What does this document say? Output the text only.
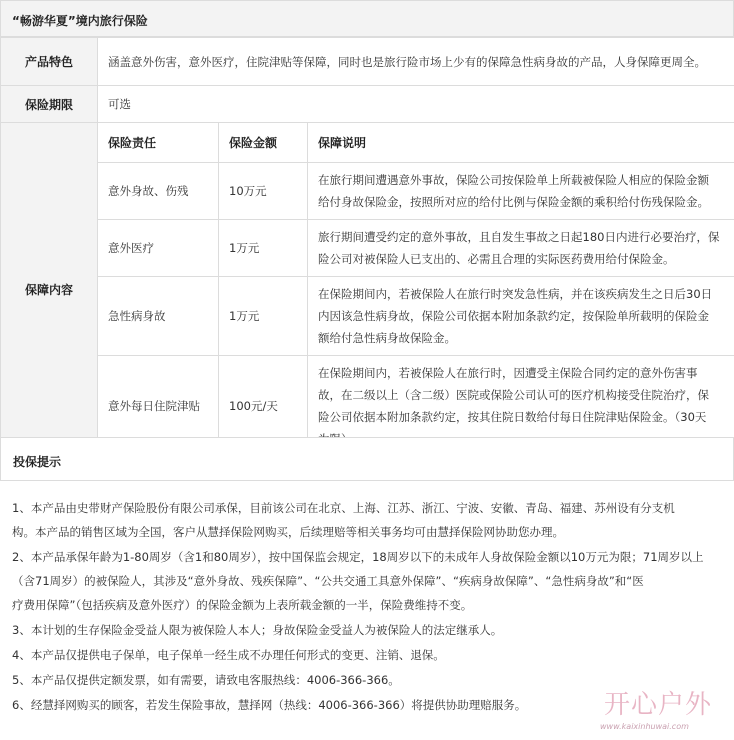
“畅游华夏”境内旅行保险
产品特色	涵盖意外伤害，意外医疗，住院津贴等保障，同时也是旅行险市场上少有的保障急性病身故的产品，人身保障更周全。		
保险期限	可选		
保障内容	保险责任	保险金额	保障说明
	意外身故、伤残	10万元	在旅行期间遭遇意外事故，保险公司按保险单上所载被保险人相应的保险金额
给付身故保险金，按照所对应的给付比例与保险金额的乘积给付伤残保险金。

	意外医疗	1万元	旅行期间遭受约定的意外事故，且自发生事故之日起180日内进行必要治疗，保
险公司对被保险人已支出的、必需且合理的实际医药费用给付保险金。

	急性病身故	1万元	在保险期间内，若被保险人在旅行时突发急性病，并在该疾病发生之日后30日
内因该急性病身故，保险公司依据本附加条款约定，按保险单所载明的保险金
额给付急性病身故保险金。

	意外每日住院津贴	100元/天	在保险期间内，若被保险人在旅行时，因遭受主保险合同约定的意外伤害事
故，在二级以上（含二级）医院或保险公司认可的医疗机构接受住院治疗，保
险公司依据本附加条款约定，按其住院日数给付每日住院津贴保险金。（30天
投保提示

1、本产品由史带财产保险股份有限公司承保，目前该公司在北京、上海、江苏、浙江、宁波、安徽、青岛、福建、苏州设有分支机
构。本产品的销售区域为全国，客户从慧择保险网购买，后续理赔等相关事务均可由慧择保险网协助您办理。

2、本产品承保年龄为1-80周岁（含1和80周岁），按中国保监会规定，18周岁以下的未成年人身故保险金额以10万元为限；71周岁以上
（含71周岁）的被保险人，其涉及“意外身故、残疾保障”、“公共交通工具意外保障”、“疾病身故保障”、“急性病身故”和“医
疗费用保障”（包括疾病及意外医疗）的保险金额为上表所载金额的一半，保险费维持不变。

3、本计划的生存保险金受益人限为被保险人本人；身故保险金受益人为被保险人的法定继承人。

4、本产品仅提供电子保单，电子保单一经生成不办理任何形式的变更、注销、退保。

5、本产品仅提供定额发票，如有需要，请致电客服热线：4006-366-366。

6、经慧择网购买的顾客，若发生保险事故，慧择网（热线：4006-366-366）将提供协助理赔服务。	开心户外
www.kaixinhuwai.com
